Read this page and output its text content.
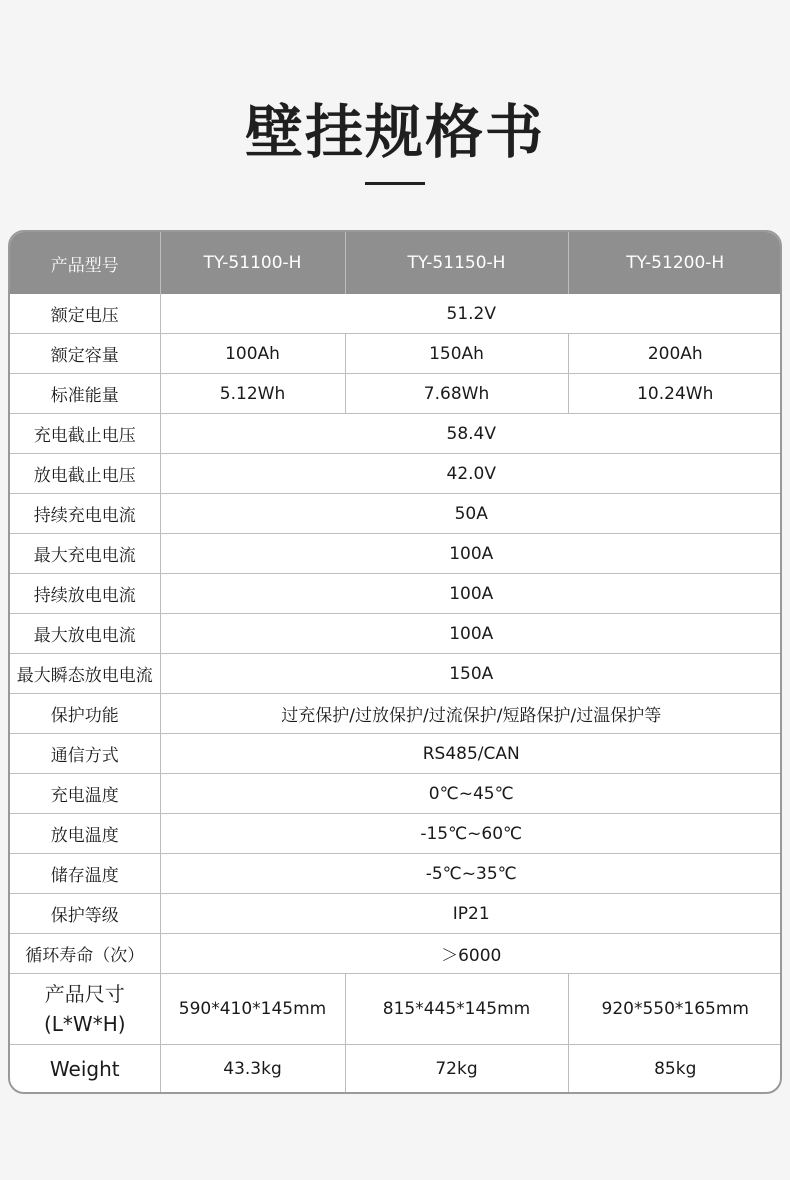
壁挂规格书
产品型号	TY-51100-H	TY-51150-H	TY-51200-H
额定电压	51.2V		
额定容量	100Ah	150Ah	200Ah
标准能量	5.12Wh	7.68Wh	10.24Wh
充电截止电压	58.4V		
放电截止电压	42.0V		
持续充电电流	50A		
最大充电电流	100A		
持续放电电流	100A		
最大放电电流	100A		
最大瞬态放电电流	150A		
保护功能	过充保护/过放保护/过流保护/短路保护/过温保护等		
通信方式	RS485/CAN		
充电温度	0℃~45℃		
放电温度	-15℃~60℃		
储存温度	-5℃~35℃		
保护等级	IP21		
循环寿命（次）	＞6000		

产品尺寸
(L*W*H)	590*410*145mm	815*445*145mm	920*550*165mm
Weight	43.3kg	72kg	85kg
